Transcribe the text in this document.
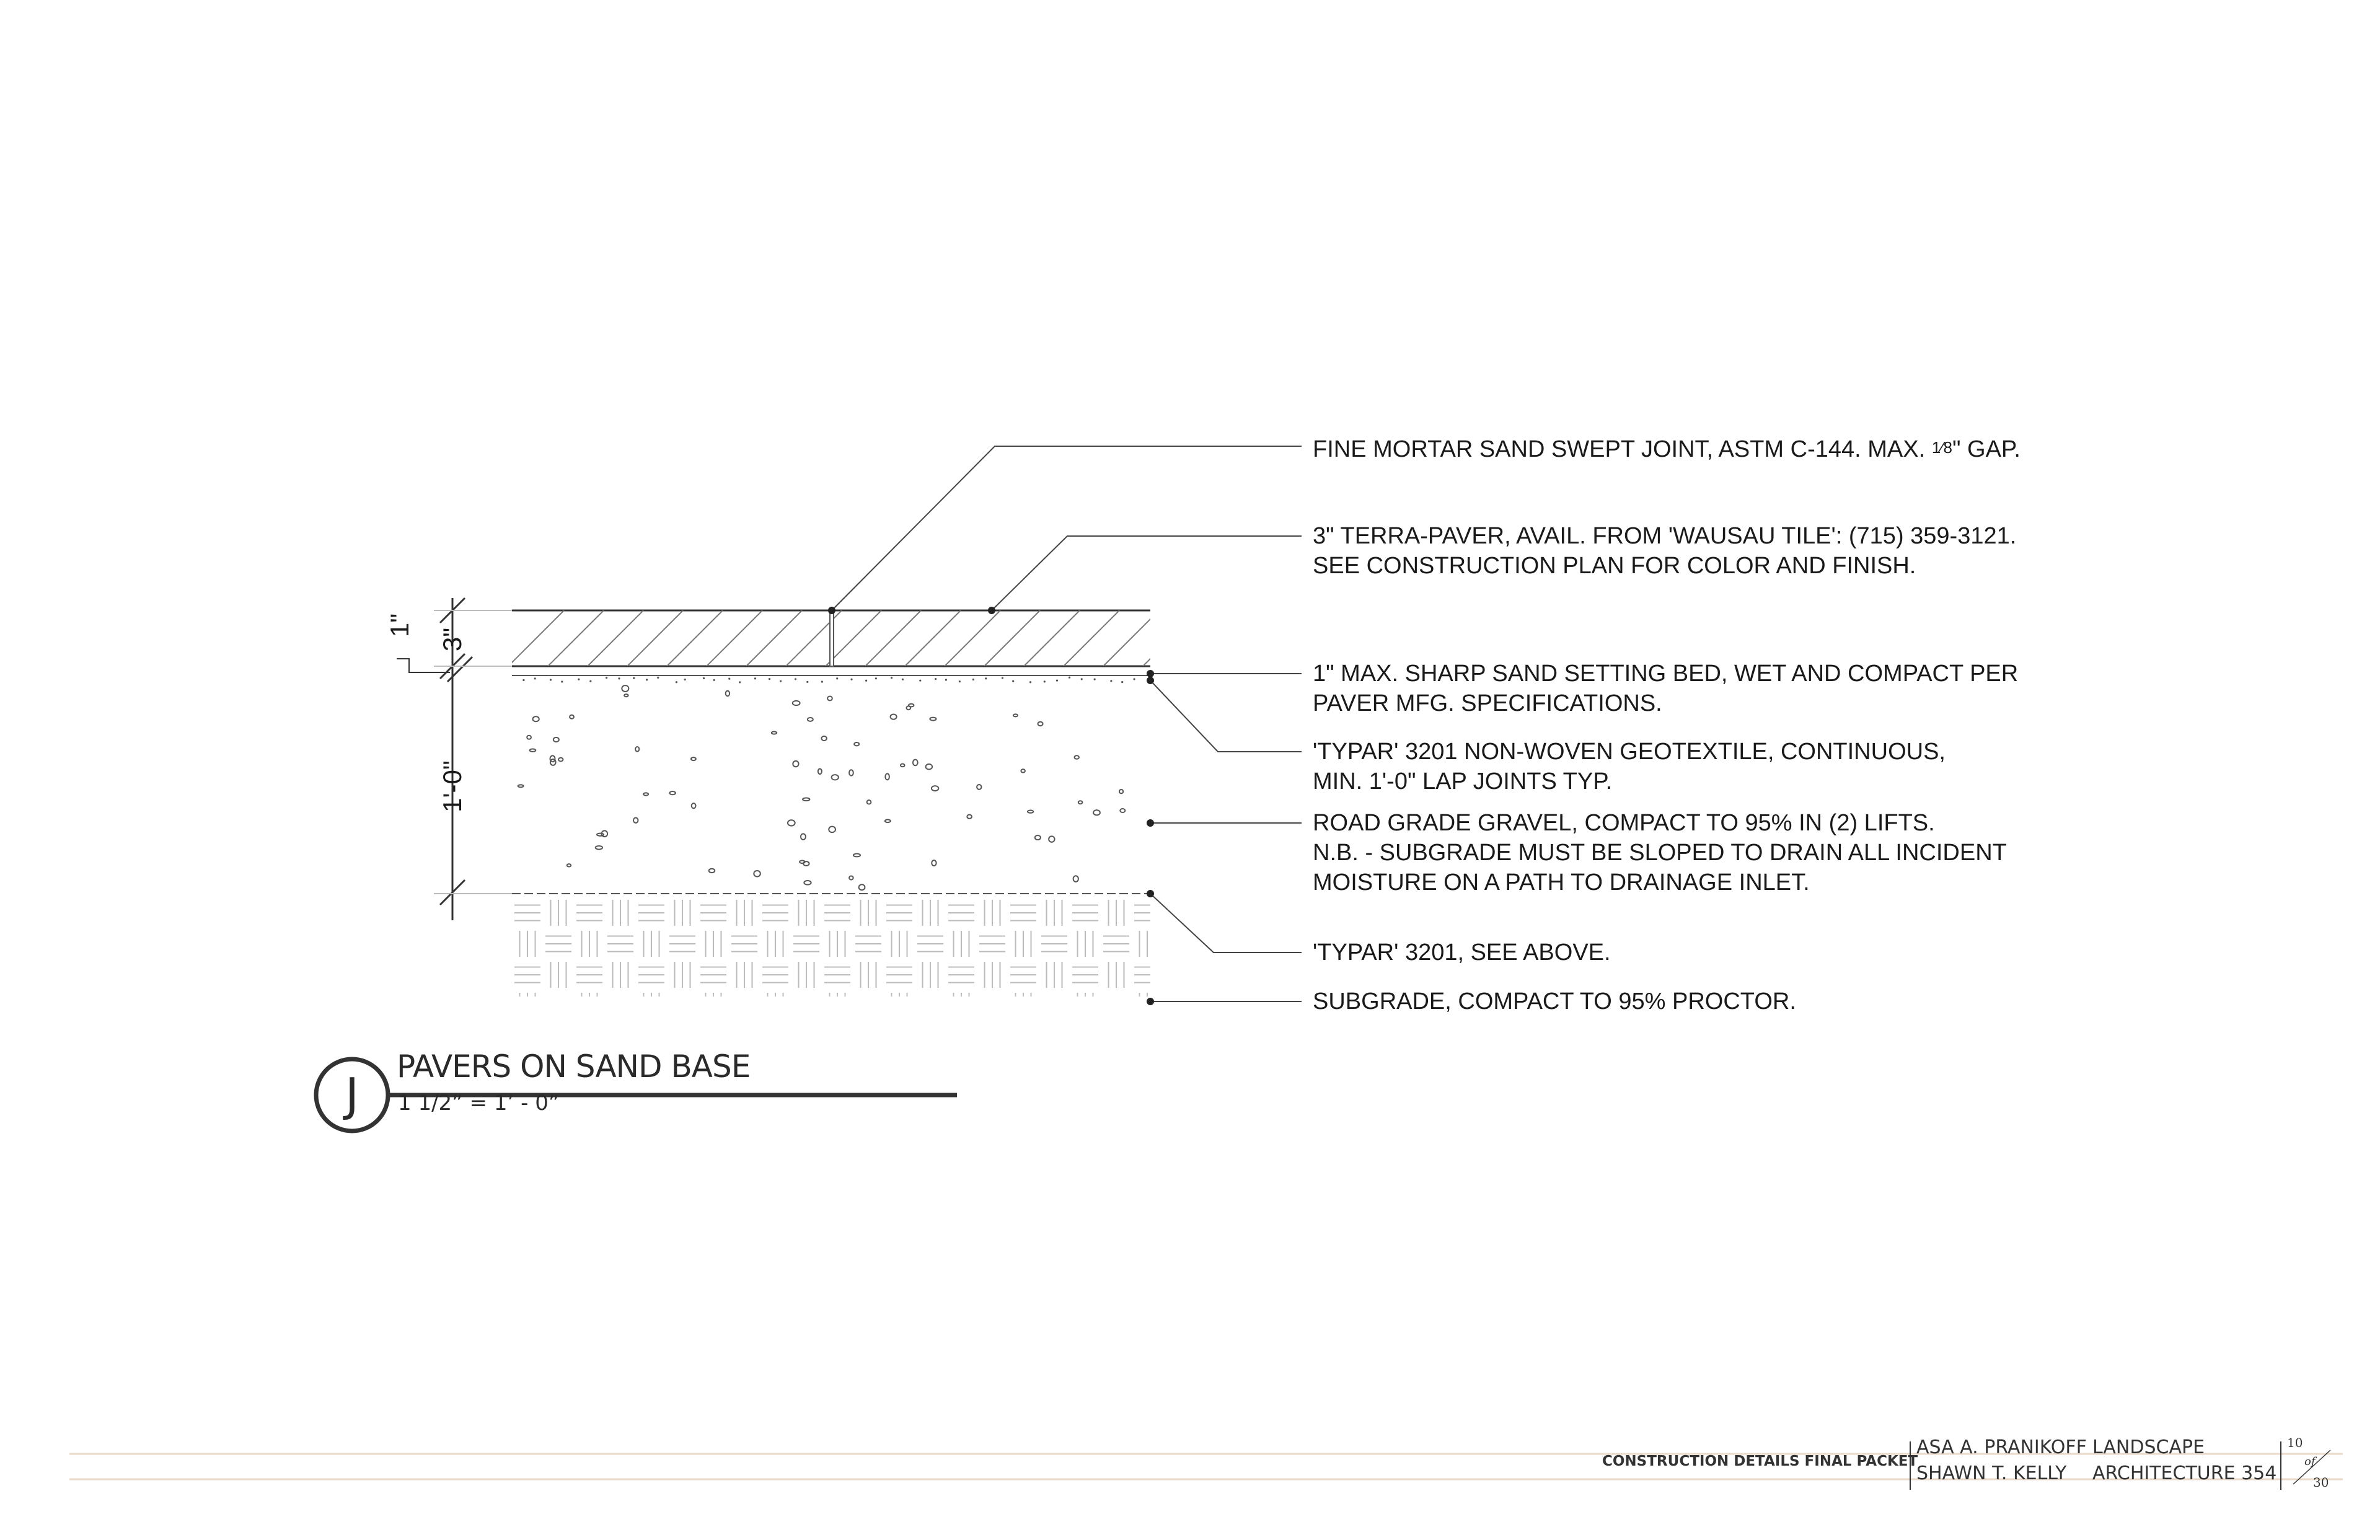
J
FINE MORTAR SAND SWEPT JOINT, ASTM C-144. MAX. 1⁄8" GAP.
3" TERRA-PAVER, AVAIL. FROM 'WAUSAU TILE': (715) 359-3121.
SEE CONSTRUCTION PLAN FOR COLOR AND FINISH.
1" MAX. SHARP SAND SETTING BED, WET AND COMPACT PER
PAVER MFG. SPECIFICATIONS.
'TYPAR' 3201 NON-WOVEN GEOTEXTILE, CONTINUOUS,
MIN. 1'-0" LAP JOINTS TYP.
ROAD GRADE GRAVEL, COMPACT TO 95% IN (2) LIFTS.
N.B. - SUBGRADE MUST BE SLOPED TO DRAIN ALL INCIDENT
MOISTURE ON A PATH TO DRAINAGE INLET.
'TYPAR' 3201, SEE ABOVE.
SUBGRADE, COMPACT TO 95% PROCTOR.
1"
3"
1'-0"
PAVERS ON SAND BASE
1 1/2” = 1’ - 0”
CONSTRUCTION DETAILS FINAL PACKET
ASA A. PRANIKOFF
SHAWN T. KELLY
LANDSCAPE
ARCHITECTURE 354
10
of
30
